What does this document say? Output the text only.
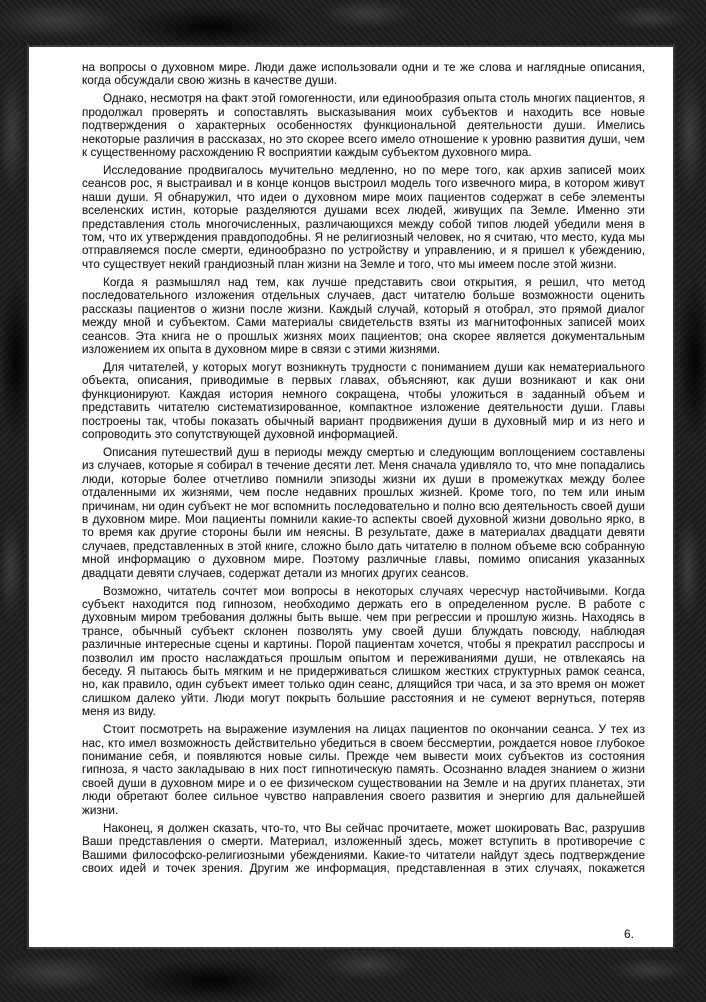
на вопросы о духовном мире. Люди даже использовали одни и те же слова и наглядные описания, когда обсуждали свою жизнь в качестве души.

Однако, несмотря на факт этой гомогенности, или единообразия опыта столь многих пациентов, я продолжал проверять и сопоставлять высказывания моих субъектов и находить все новые подтверждения о характерных особенностях функциональной деятельности души. Имелись некоторые различия в рассказах, но это скорее всего имело отношение к уровню развития души, чем к существенному расхождению R восприятии каждым субъектом духовного мира.

Исследование продвигалось мучительно медленно, но по мере того, как архив записей моих сеансов рос, я выстраивал и в конце концов выстроил модель того извечного мира, в котором живут наши души. Я обнаружил, что идеи о духовном мире моих пациентов содержат в себе элементы вселенских истин, которые разделяются душами всех людей, живущих па Земле. Именно эти представления столь многочисленных, различающихся между собой типов людей убедили меня в том, что их утверждения правдоподобны. Я не религиозный человек, но я считаю, что место, куда мы отправляемся после смерти, единообразно по устройству и управлению, и я пришел к убеждению, что существует некий грандиозный план жизни на Земле и того, что мы имеем после этой жизни.

Когда я размышлял над тем, как лучше представить свои открытия, я решил, что метод последовательного изложения отдельных случаев, даст читателю больше возможности оценить рассказы пациентов о жизни после жизни. Каждый случай, который я отобрал, это прямой диалог между мной и субъектом. Сами материалы свидетельств взяты из магнитофонных записей моих сеансов. Эта книга не о прошлых жизнях моих пациентов; она скорее является документальным изложением их опыта в духовном мире в связи с этими жизнями.

Для читателей, у которых могут возникнуть трудности с пониманием души как нематериального объекта, описания, приводимые в первых главах, объясняют, как души возникают и как они функционируют. Каждая история немного сокращена, чтобы уложиться в заданный объем и представить читателю систематизированное, компактное изложение деятельности души. Главы построены так, чтобы показать обычный вариант продвижения души в духовный мир и из него и сопроводить это сопутствующей духовной информацией.

Описания путешествий душ в периоды между смертью и следующим воплощением составлены из случаев, которые я собирал в течение десяти лет. Меня сначала удивляло то, что мне попадались люди, которые более отчетливо помнили эпизоды жизни их души в промежутках между более отдаленными их жизнями, чем после недавних прошлых жизней. Кроме того, по тем или иным причинам, ни один субъект не мог вспомнить последовательно и полно всю деятельность своей души в духовном мире. Мои пациенты помнили какие-то аспекты своей духовной жизни довольно ярко, в то время как другие стороны были им неясны. В результате, даже в материалах двадцати девяти случаев, представленных в этой книге, сложно было дать читателю в полном объеме всю собранную мной информацию о духовном мире. Поэтому различные главы, помимо описания указанных двадцати девяти случаев, содержат детали из многих других сеансов.

Возможно, читатель сочтет мои вопросы в некоторых случаях чересчур настойчивыми. Когда субъект находится под гипнозом, необходимо держать его в определенном русле. В работе с духовным миром требования должны быть выше. чем при регрессии и прошлую жизнь. Находясь в трансе, обычный субъект склонен позволять уму своей души блуждать повсюду, наблюдая различные интересные сцены и картины. Порой пациентам хочется, чтобы я прекратил расспросы и позволил им просто наслаждаться прошлым опытом и переживаниями души, не отвлекаясь на беседу. Я пытаюсь быть мягким и не придерживаться слишком жестких структурных рамок сеанса, но, как правило, один субъект имеет только один сеанс, длящийся три часа, и за это время он может слишком далеко уйти. Люди могут покрыть большие расстояния и не сумеют вернуться, потеряв меня из виду.

Стоит посмотреть на выражение изумления на лицах пациентов по окончании сеанса. У тех из нас, кто имел возможность действительно убедиться в своем бессмертии, рождается новое глубокое понимание себя, и появляются новые силы. Прежде чем вывести моих субъектов из состояния гипноза, я часто закладываю в них пост гипнотическую память. Осознанно владея знанием о жизни своей души в духовном мире и о ее физическом существовании на Земле и на других планетах, эти люди обретают более сильное чувство направления своего развития и энергию для дальнейшей жизни.

Наконец, я должен сказать, что-то, что Вы сейчас прочитаете, может шокировать Вас, разрушив Ваши представления о смерти. Материал, изложенный здесь, может вступить в противоречие с Вашими философско-религиозными убеждениями. Какие-то читатели найдут здесь подтверждение своих идей и точек зрения. Другим же информация, представленная в этих случаях, покажется

6.
